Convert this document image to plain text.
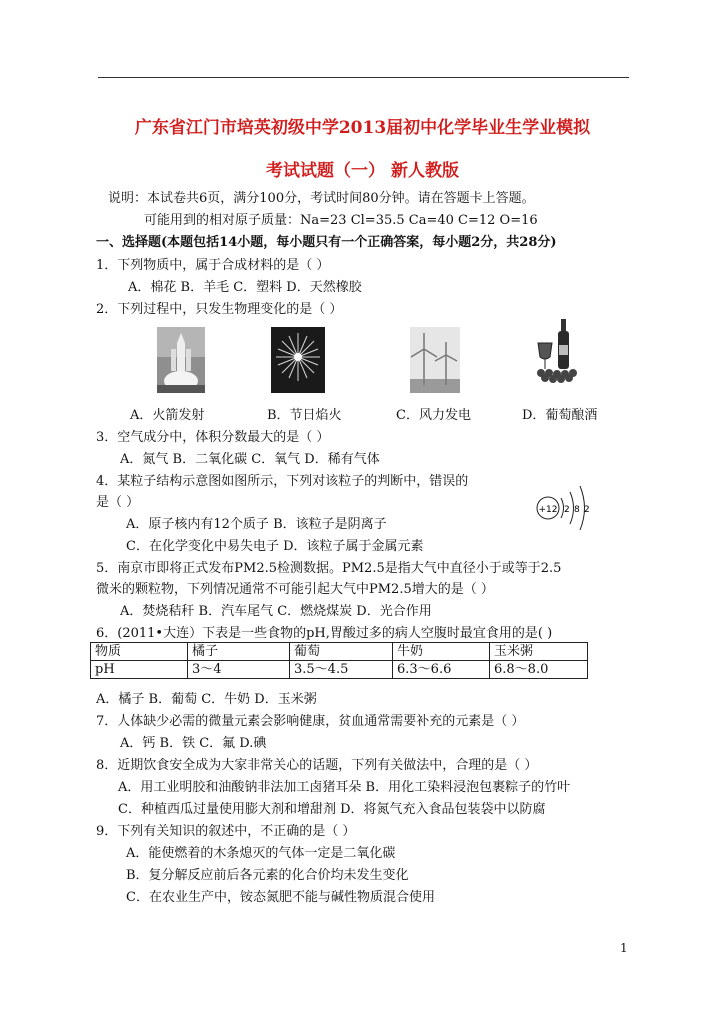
广东省江门市培英初级中学2013届初中化学毕业生学业模拟
考试试题（一） 新人教版
说明：本试卷共6页，满分100分，考试时间80分钟。请在答题卡上答题。
可能用到的相对原子质量：Na=23 Cl=35.5 Ca=40 C=12 O=16
一、选择题(本题包括14小题，每小题只有一个正确答案，每小题2分，共28分)
1．下列物质中，属于合成材料的是（ ）
A．棉花 B．羊毛 C．塑料 D．天然橡胶
2．下列过程中，只发生物理变化的是（ ）
A．火箭发射	B．节日焰火	C．风力发电	D．葡萄酿酒
3．空气成分中，体积分数最大的是（ ）
A．氮气 B．二氧化碳 C．氧气 D．稀有气体
4．某粒子结构示意图如图所示，下列对该粒子的判断中，错误的
是（ ）
A．原子核内有12个质子 B．该粒子是阴离子
C．在化学变化中易失电子 D．该粒子属于金属元素
+12 2 8 2
5．南京市即将正式发布PM2.5检测数据。PM2.5是指大气中直径小于或等于2.5
微米的颗粒物，下列情况通常不可能引起大气中PM2.5增大的是（ ）
A．焚烧秸秆 B．汽车尾气 C．燃烧煤炭 D．光合作用
6．(2011•大连）下表是一些食物的pH,胃酸过多的病人空腹时最宜食用的是( )
物质	橘子	葡萄	牛奶	玉米粥
pH	3～4	3.5～4.5	6.3～6.6	6.8～8.0
A．橘子 B．葡萄 C．牛奶 D．玉米粥
7．人体缺少必需的微量元素会影响健康，贫血通常需要补充的元素是（ ）
A．钙 B．铁 C．氟 D.碘
8．近期饮食安全成为大家非常关心的话题，下列有关做法中，合理的是（ ）
A．用工业明胶和油酸钠非法加工卤猪耳朵 B．用化工染料浸泡包裹粽子的竹叶
C．种植西瓜过量使用膨大剂和增甜剂 D．将氮气充入食品包装袋中以防腐
9．下列有关知识的叙述中，不正确的是（ ）
A．能使燃着的木条熄灭的气体一定是二氧化碳
B．复分解反应前后各元素的化合价均未发生变化
C．在农业生产中，铵态氮肥不能与碱性物质混合使用
1
